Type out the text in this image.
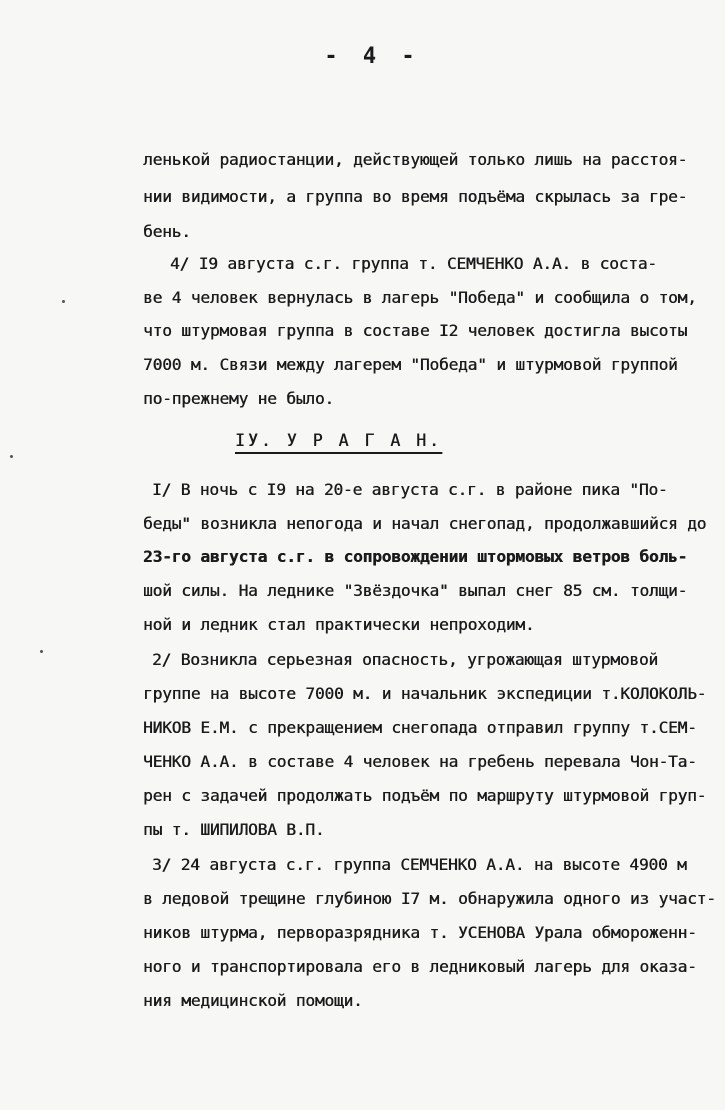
- 4 -
ленькой радиостанции, действующей только лишь на расстоя-
нии видимости, а группа во время подъёма скрылась за гре-
бень.
4/ I9 августа с.г. группа т. СЕМЧЕНКО А.А. в соста-
ве 4 человек вернулась в лагерь "Победа" и сообщила о том,
что штурмовая группа в составе I2 человек достигла высоты
7000 м. Связи между лагерем "Победа" и штурмовой группой
по-прежнему не было.
IУ. У Р А Г А Н.
I/ В ночь с I9 на 20-е августа с.г. в районе пика "По-
беды" возникла непогода и начал снегопад, продолжавшийся до
23-го августа с.г. в сопровождении штормовых ветров боль-
шой силы. На леднике "Звёздочка" выпал снег 85 см. толщи-
ной и ледник стал практически непроходим.
2/ Возникла серьезная опасность, угрожающая штурмовой
группе на высоте 7000 м. и начальник экспедиции т.КОЛОКОЛЬ-
НИКОВ Е.М. с прекращением снегопада отправил группу т.СЕМ-
ЧЕНКО А.А. в составе 4 человек на гребень перевала Чон-Та-
рен с задачей продолжать подъём по маршруту штурмовой груп-
пы т. ШИПИЛОВА В.П.
3/ 24 августа с.г. группа СЕМЧЕНКО А.А. на высоте 4900 м
в ледовой трещине глубиною I7 м. обнаружила одного из участ-
ников штурма, перворазрядника т. УСЕНОВА Урала обмороженн-
ного и транспортировала его в ледниковый лагерь для оказа-
ния медицинской помощи.
